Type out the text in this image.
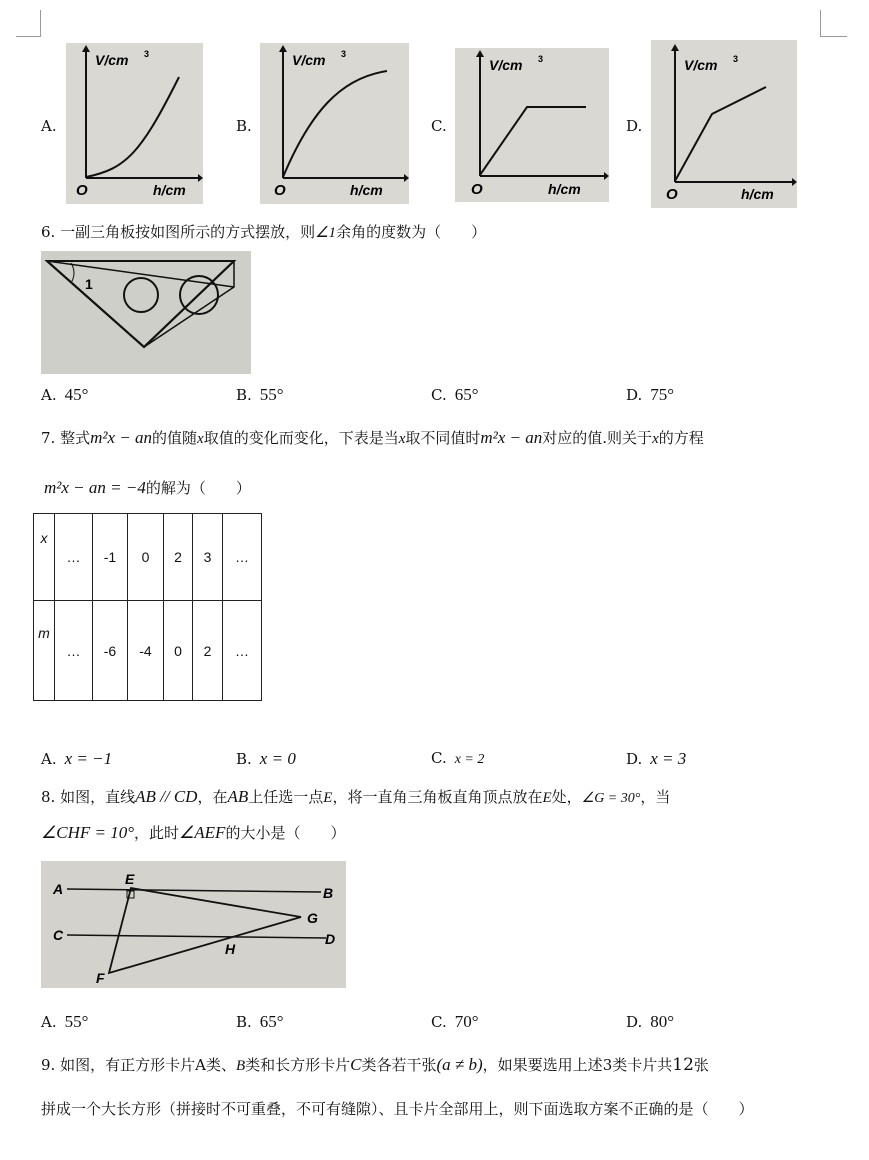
A.	B.	C.	D.
V/cm 3
h/cm
O
V/cm 3
h/cm
O
V/cm 3
h/cm
O
V/cm 3
h/cm
O
6. 一副三角板按如图所示的方式摆放，则∠1余角的度数为（　　）
1
A. 45°	B. 55°	C. 65°	D. 75°
7. 整式m²x − an的值随x取值的变化而变化，下表是当x取不同值时m²x − an对应的值.则关于x的方程
m²x − an = −4的解为（　　）
x	…	-1	0	2	3	…
m	…	-6	-4	0	2	…
A. x = −1	B. x = 0	C. x = 2	D. x = 3
8. 如图，直线AB // CD，在AB上任选一点E，将一直角三角板直角顶点放在E处，∠G = 30°，当
∠CHF = 10°，此时∠AEF的大小是（　　）
A	B
C	D
E
F
G
H
A. 55°	B. 65°	C. 70°	D. 80°
9. 如图，有正方形卡片A类、B类和长方形卡片C类各若干张(a ≠ b)，如果要选用上述3类卡片共12张
拼成一个大长方形（拼接时不可重叠，不可有缝隙）、且卡片全部用上，则下面选取方案不正确的是（　　）
